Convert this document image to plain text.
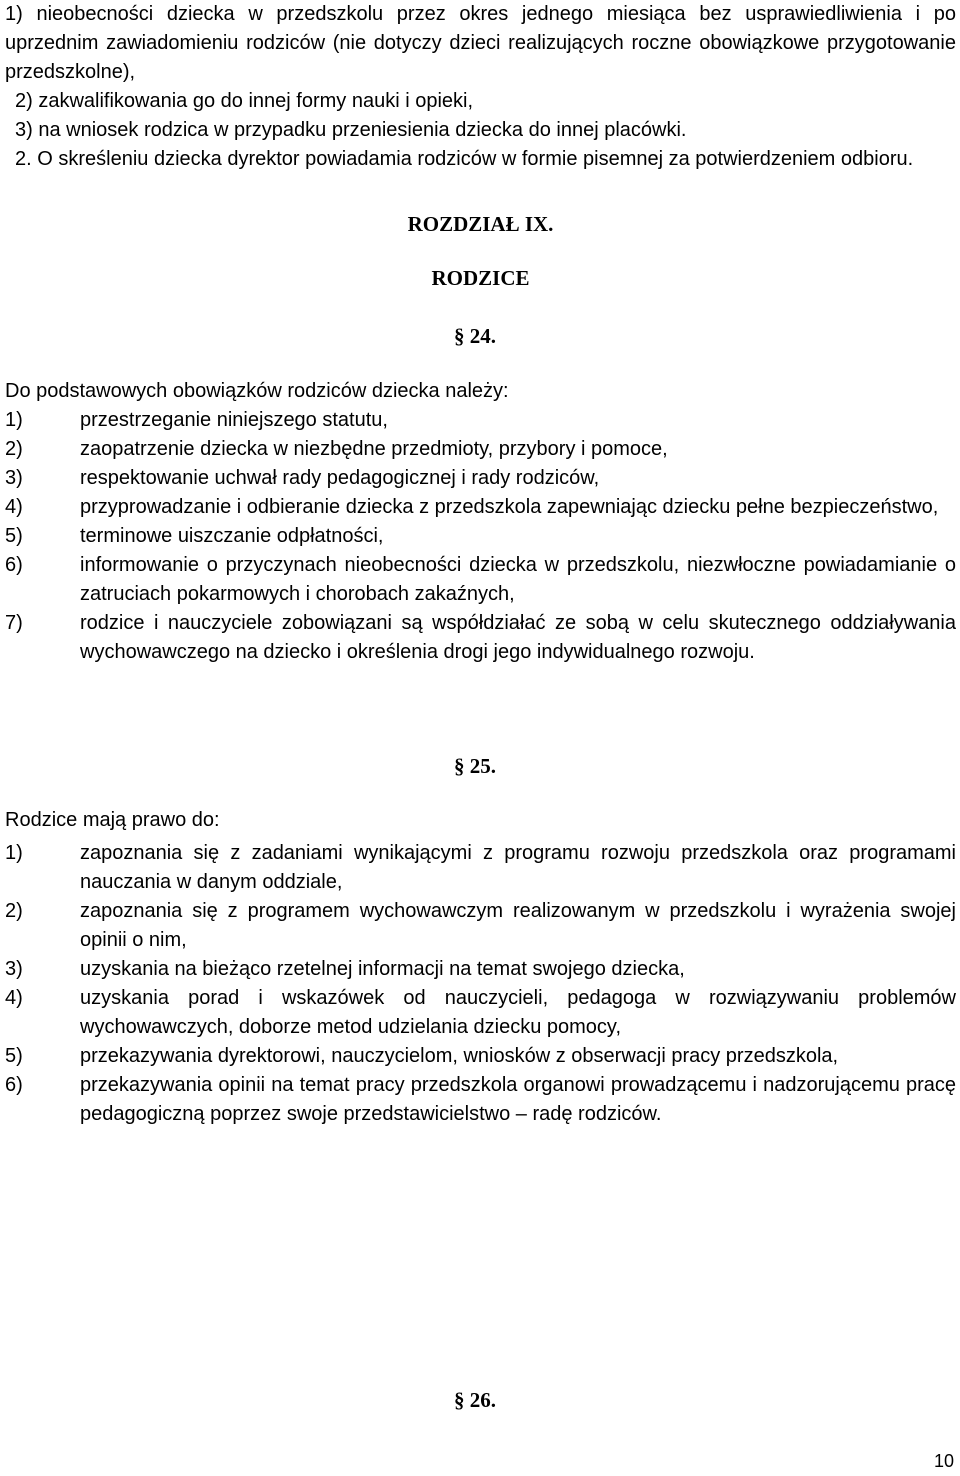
1) nieobecności dziecka w przedszkolu przez okres jednego miesiąca bez usprawiedliwienia i po uprzednim zawiadomieniu rodziców (nie dotyczy dzieci realizujących roczne obowiązkowe przygotowanie przedszkolne),

2) zakwalifikowania go do innej formy nauki i opieki,

3) na wniosek rodzica w przypadku przeniesienia dziecka do innej placówki.

2. O skreśleniu dziecka dyrektor powiadamia rodziców w formie pisemnej za potwierdzeniem odbioru.

ROZDZIAŁ IX.

RODZICE

§ 24.

Do podstawowych obowiązków rodziców dziecka należy:

1)	przestrzeganie niniejszego statutu,
2)	zaopatrzenie dziecka w niezbędne przedmioty, przybory i pomoce,
3)	respektowanie uchwał rady pedagogicznej i rady rodziców,
4)	przyprowadzanie i odbieranie dziecka z przedszkola zapewniając dziecku pełne bezpieczeństwo,
5)	terminowe uiszczanie odpłatności,
6)	informowanie o przyczynach nieobecności dziecka w przedszkolu, niezwłoczne powiadamianie o zatruciach pokarmowych i chorobach zakaźnych,
7)	rodzice i nauczyciele zobowiązani są współdziałać ze sobą w celu skutecznego oddziaływania wychowawczego na dziecko i określenia drogi jego indywidualnego rozwoju.

§ 25.

Rodzice mają prawo do:

1)	zapoznania się z zadaniami wynikającymi z programu rozwoju przedszkola oraz programami nauczania w danym oddziale,
2)	zapoznania się z programem wychowawczym realizowanym w przedszkolu i wyrażenia swojej opinii o nim,
3)	uzyskania na bieżąco rzetelnej informacji na temat swojego dziecka,
4)	uzyskania porad i wskazówek od nauczycieli, pedagoga w rozwiązywaniu problemów wychowawczych, doborze metod udzielania dziecku pomocy,
5)	przekazywania dyrektorowi, nauczycielom, wniosków z obserwacji pracy przedszkola,
6)	przekazywania opinii na temat pracy przedszkola organowi prowadzącemu i nadzorującemu pracę pedagogiczną poprzez swoje przedstawicielstwo – radę rodziców.

§ 26.

10
